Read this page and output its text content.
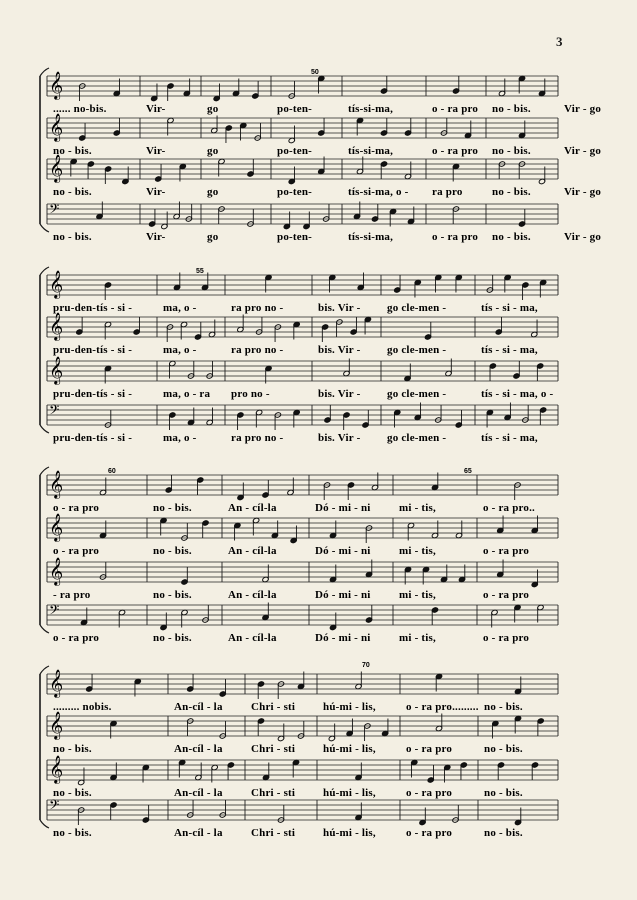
3
𝄞
...... no-bis.	Vir-	go	po-ten-	tís-si-ma,	o - ra pro no - bis.	Vir - go
𝄞
no - bis.	Vir-	go	po-ten-	tís-si-ma,	o - ra pro no - bis.	Vir - go
𝄞
no - bis.	Vir-	go	po-ten-	tís-si-ma, o - ra pro	no - bis.	Vir - go
𝄢
no - bis.	Vir-	go	po-ten-	tís-si-ma,	o - ra pro no - bis.	Vir - go
50
𝄞
pru-den-tís - si -	ma, o -	ra pro no -	bis. Vir - go cle-men -	tís - si - ma,
𝄞
pru-den-tís - si -	ma, o -	ra pro no -	bis. Vir - go cle-men -	tís - si - ma,
𝄞
pru-den-tís - si -	ma, o - ra pro no -	bis. Vir - go cle-men -	tís - si - ma, o -
𝄢
pru-den-tís - si -	ma, o -	ra pro no -	bis. Vir - go cle-men -	tís - si - ma,
55
𝄞
o - ra pro	no - bis.	An - cíl-la	Dó - mi - ni	mi - tis,	o - ra pro..
𝄞
o - ra pro	no - bis.	An - cíl-la	Dó - mi - ni	mi - tis,	o - ra pro
𝄞
- ra pro	no - bis.	An - cíl-la	Dó - mi - ni	mi - tis,	o - ra pro
𝄢
o - ra pro	no - bis.	An - cíl-la	Dó - mi - ni	mi - tis,	o - ra pro
60	65
𝄞
......... nobis.	An-cíl - la	Chri - sti	hú-mi - lis,	o - ra pro......... no - bis.
𝄞
no - bis.	An-cíl - la	Chri - sti	hú-mi - lis,	o - ra pro	no - bis.
𝄞
no - bis.	An-cíl - la	Chri - sti	hú-mi - lis,	o - ra pro	no - bis.
𝄢
no - bis.	An-cíl - la	Chri - sti	hú-mi - lis,	o - ra pro	no - bis.
70
